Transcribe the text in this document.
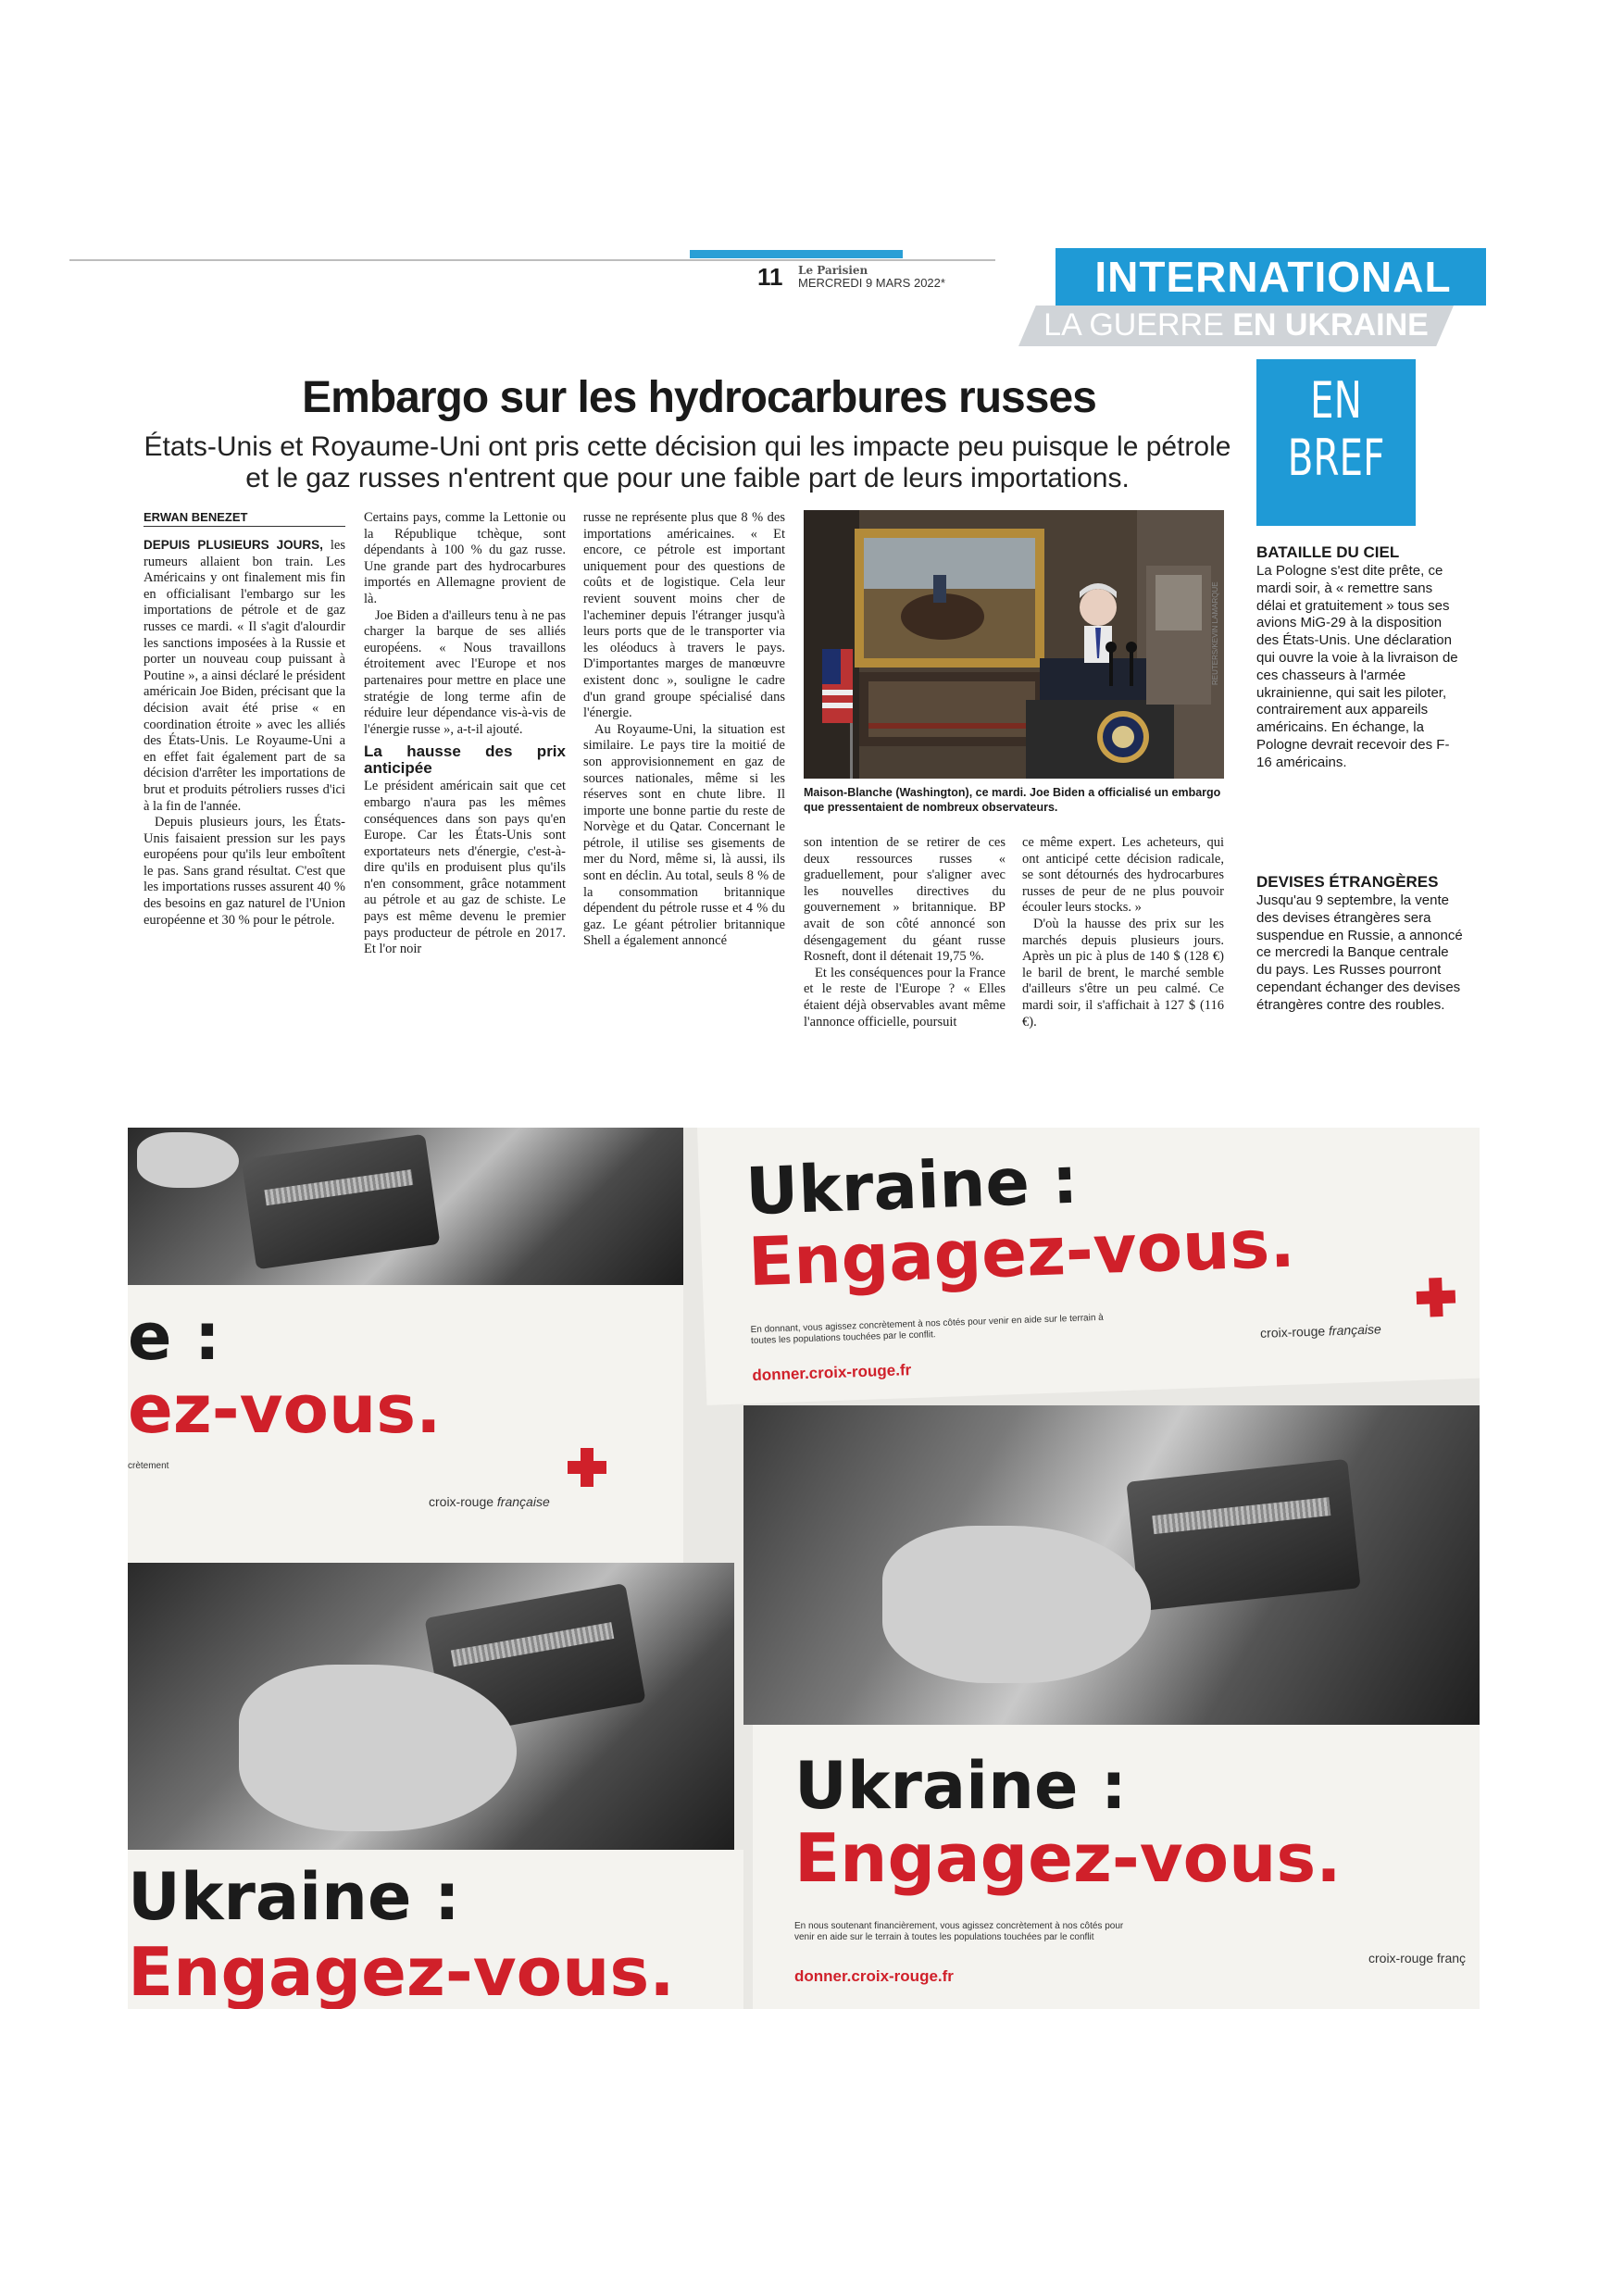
11 Le Parisien
MERCREDI 9 MARS 2022*	INTERNATIONAL
LA GUERRE EN UKRAINE
Embargo sur les hydrocarbures russes
États-Unis et Royaume-Uni ont pris cette décision qui les impacte peu puisque le pétrole et le gaz russes n'entrent que pour une faible part de leurs importations.
ERWAN BENEZET

DEPUIS PLUSIEURS JOURS, les rumeurs allaient bon train. Les Américains y ont finalement mis fin en officialisant l'embargo sur les importations de pétrole et de gaz russes ce mardi. « Il s'agit d'alourdir les sanctions imposées à la Russie et porter un nouveau coup puissant à Poutine », a ainsi déclaré le président américain Joe Biden, précisant que la décision avait été prise « en coordination étroite » avec les alliés des États-Unis. Le Royaume-Uni a en effet fait également part de sa décision d'arrêter les importations de brut et produits pétroliers russes d'ici à la fin de l'année.

Depuis plusieurs jours, les États-Unis faisaient pression sur les pays européens pour qu'ils leur emboîtent le pas. Sans grand résultat. C'est que les importations russes assurent 40 % des besoins en gaz naturel de l'Union européenne et 30 % pour le pétrole.

Certains pays, comme la Lettonie ou la République tchèque, sont dépendants à 100 % du gaz russe. Une grande part des hydrocarbures importés en Allemagne provient de là.

Joe Biden a d'ailleurs tenu à ne pas charger la barque de ses alliés européens. « Nous travaillons étroitement avec l'Europe et nos partenaires pour mettre en place une stratégie de long terme afin de réduire leur dépendance vis-à-vis de l'énergie russe », a-t-il ajouté.

La hausse des prix anticipée

Le président américain sait que cet embargo n'aura pas les mêmes conséquences dans son pays qu'en Europe. Car les États-Unis sont exportateurs nets d'énergie, c'est-à-dire qu'ils en produisent plus qu'ils n'en consomment, grâce notamment au pétrole et au gaz de schiste. Le pays est même devenu le premier pays producteur de pétrole en 2017. Et l'or noir

russe ne représente plus que 8 % des importations américaines. « Et encore, ce pétrole est important uniquement pour des questions de coûts et de logistique. Cela leur revient souvent moins cher de l'acheminer depuis l'étranger jusqu'à leurs ports que de le transporter via les oléoducs à travers le pays. D'importantes marges de manœuvre existent donc », souligne le cadre d'un grand groupe spécialisé dans l'énergie.

Au Royaume-Uni, la situation est similaire. Le pays tire la moitié de son approvisionnement en gaz de sources nationales, même si les réserves sont en chute libre. Il importe une bonne partie du reste de Norvège et du Qatar. Concernant le pétrole, il utilise ses gisements de mer du Nord, même si, là aussi, ils sont en déclin. Au total, seuls 8 % de la consommation britannique dépendent du pétrole russe et 4 % du gaz. Le géant pétrolier britannique Shell a également annoncé

son intention de se retirer de ces deux ressources russes « graduellement, pour s'aligner avec les nouvelles directives du gouvernement » britannique. BP avait de son côté annoncé son désengagement du géant russe Rosneft, dont il détenait 19,75 %.

Et les conséquences pour la France et le reste de l'Europe ? « Elles étaient déjà observables avant même l'annonce officielle, poursuit

ce même expert. Les acheteurs, qui ont anticipé cette décision radicale, se sont détournés des hydrocarbures russes de peur de ne plus pouvoir écouler leurs stocks. »

D'où la hausse des prix sur les marchés depuis plusieurs jours. Après un pic à plus de 140 $ (128 €) le baril de brent, le marché semble d'ailleurs s'être un peu calmé. Ce mardi soir, il s'affichait à 127 $ (116 €).

REUTERS/KEVIN LAMARQUE
Maison-Blanche (Washington), ce mardi. Joe Biden a officialisé un embargo que pressentaient de nombreux observateurs.
EN
BREF
BATAILLE DU CIEL
La Pologne s'est dite prête, ce mardi soir, à « remettre sans délai et gratuitement » tous ses avions MiG-29 à la disposition des États-Unis. Une déclaration qui ouvre la voie à la livraison de ces chasseurs à l'armée ukrainienne, qui sait les piloter, contrairement aux appareils américains. En échange, la Pologne devrait recevoir des F-16 américains.
DEVISES ÉTRANGÈRES
Jusqu'au 9 septembre, la vente des devises étrangères sera suspendue en Russie, a annoncé ce mercredi la Banque centrale du pays. Les Russes pourront cependant échanger des devises étrangères contre des roubles.
e :
ez-vous.
crètement
croix-rouge française
Ukraine :
Engagez-vous.
En donnant, vous agissez concrètement à nos côtés pour venir en aide sur le terrain à toutes les populations touchées par le conflit.
donner.croix-rouge.fr
croix-rouge française
Ukraine :
Engagez-vous.
Ukraine :
Engagez-vous.
En nous soutenant financièrement, vous agissez concrètement à nos côtés pour venir en aide sur le terrain à toutes les populations touchées par le conflit
donner.croix-rouge.fr
croix-rouge franç
